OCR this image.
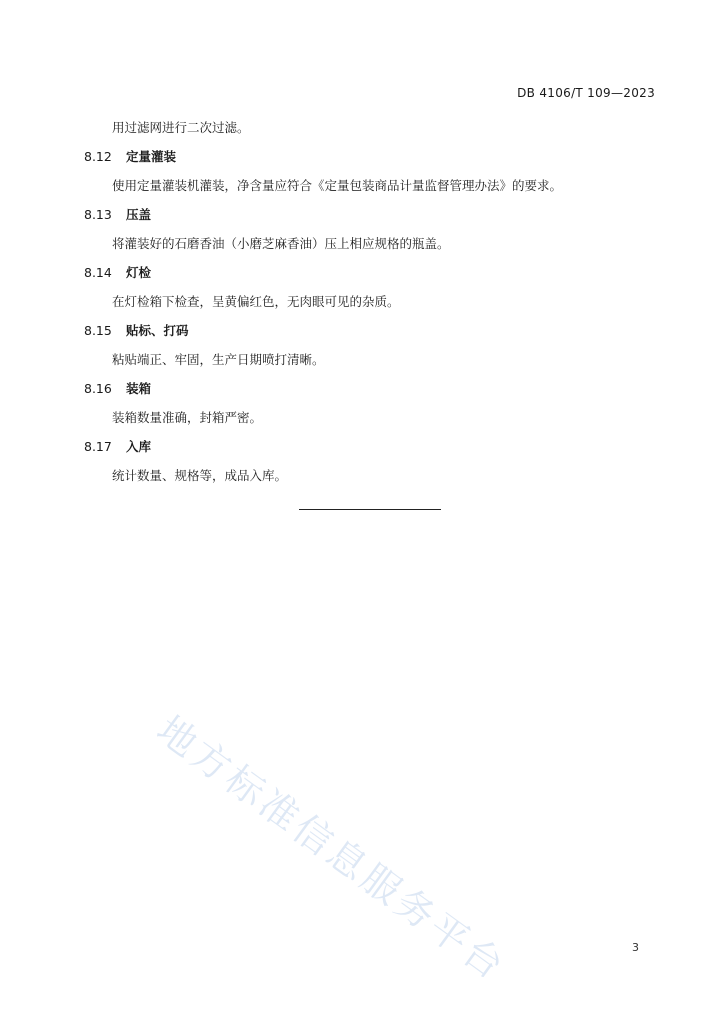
DB 4106/T 109—2023
用过滤网进行二次过滤。
8.12 定量灌装
使用定量灌装机灌装，净含量应符合《定量包装商品计量监督管理办法》的要求。
8.13 压盖
将灌装好的石磨香油（小磨芝麻香油）压上相应规格的瓶盖。
8.14 灯检
在灯检箱下检查，呈黄偏红色，无肉眼可见的杂质。
8.15 贴标、打码
粘贴端正、牢固，生产日期喷打清晰。
8.16 装箱
装箱数量准确，封箱严密。
8.17 入库
统计数量、规格等，成品入库。
地方标准信息服务平台	3
